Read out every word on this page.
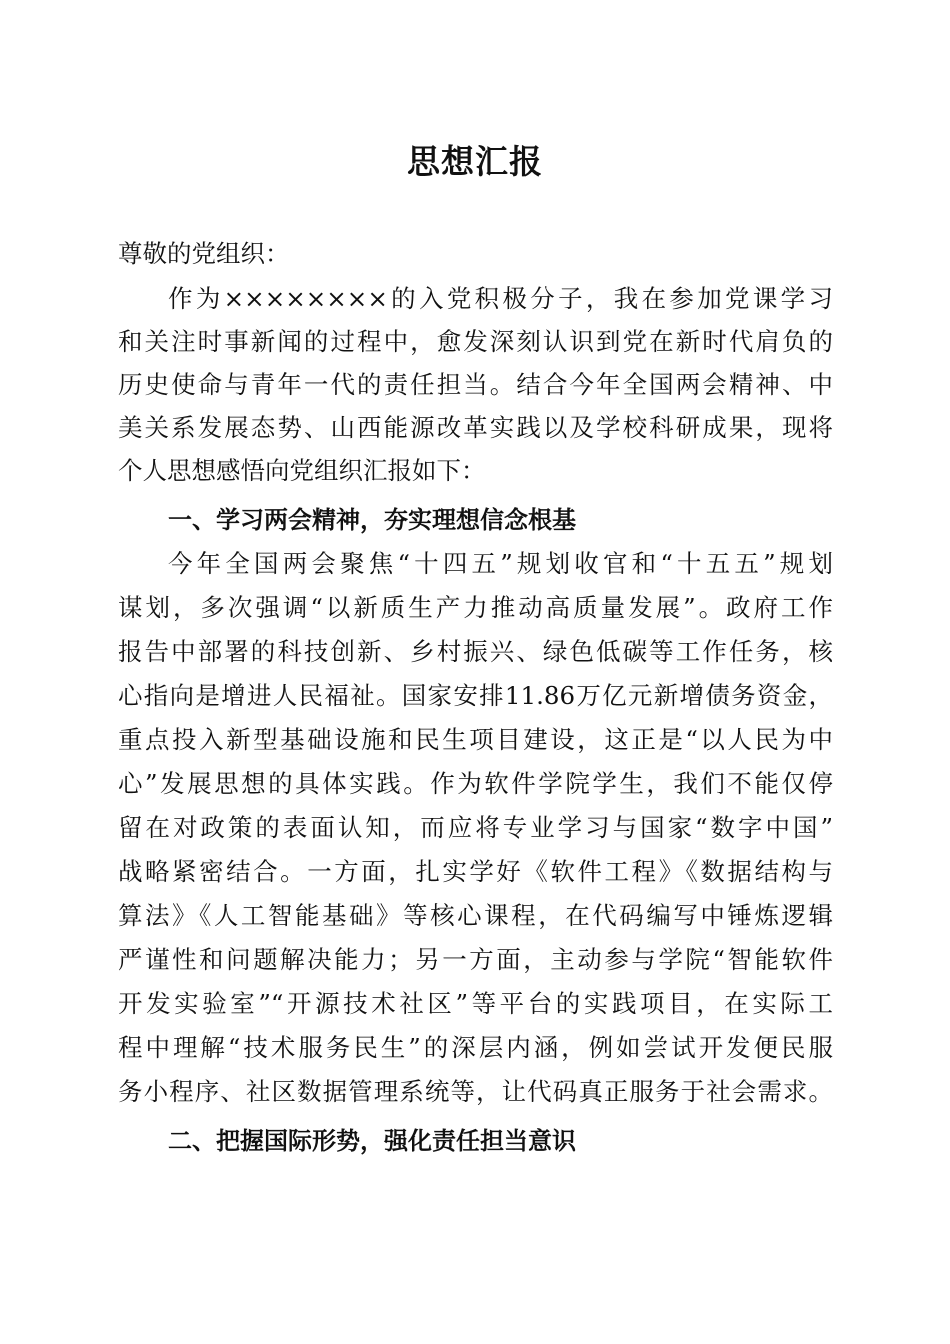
思想汇报
尊敬的党组织：
作为××××××××的入党积极分子，我在参加党课学习
和关注时事新闻的过程中，愈发深刻认识到党在新时代肩负的
历史使命与青年一代的责任担当。结合今年全国两会精神、中
美关系发展态势、山西能源改革实践以及学校科研成果，现将
个人思想感悟向党组织汇报如下：
一、学习两会精神，夯实理想信念根基
今年全国两会聚焦“十四五”规划收官和“十五五”规划
谋划，多次强调“以新质生产力推动高质量发展”。政府工作
报告中部署的科技创新、乡村振兴、绿色低碳等工作任务，核
心指向是增进人民福祉。国家安排11.86万亿元新增债务资金，
重点投入新型基础设施和民生项目建设，这正是“以人民为中
心”发展思想的具体实践。作为软件学院学生，我们不能仅停
留在对政策的表面认知，而应将专业学习与国家“数字中国”
战略紧密结合。一方面，扎实学好《软件工程》《数据结构与
算法》《人工智能基础》等核心课程，在代码编写中锤炼逻辑
严谨性和问题解决能力；另一方面，主动参与学院“智能软件
开发实验室”“开源技术社区”等平台的实践项目，在实际工
程中理解“技术服务民生”的深层内涵，例如尝试开发便民服
务小程序、社区数据管理系统等，让代码真正服务于社会需求。
二、把握国际形势，强化责任担当意识
